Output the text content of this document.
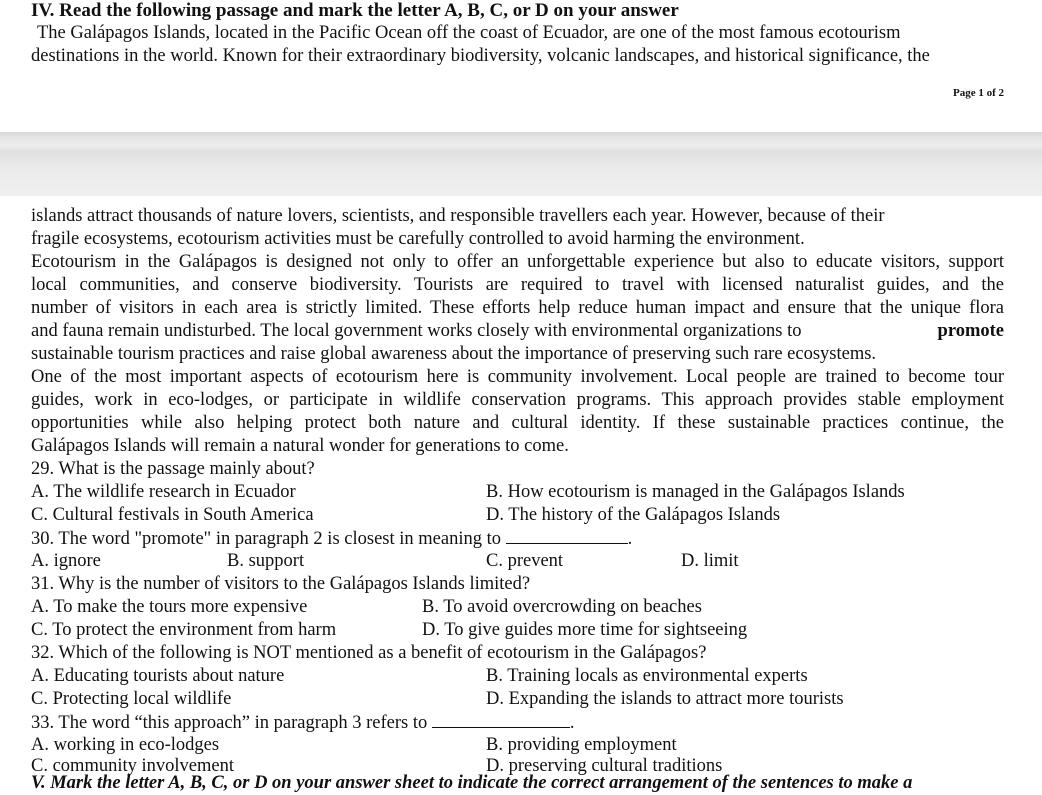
IV. Read the following passage and mark the letter A, B, C, or D on your answer
The Galápagos Islands, located in the Pacific Ocean off the coast of Ecuador, are one of the most famous ecotourism
destinations in the world. Known for their extraordinary biodiversity, volcanic landscapes, and historical significance, the
Page 1 of 2
islands attract thousands of nature lovers, scientists, and responsible travellers each year. However, because of their
fragile ecosystems, ecotourism activities must be carefully controlled to avoid harming the environment.
Ecotourism in the Galápagos is designed not only to offer an unforgettable experience but also to educate visitors, support
local communities, and conserve biodiversity. Tourists are required to travel with licensed naturalist guides, and the
number of visitors in each area is strictly limited. These efforts help reduce human impact and ensure that the unique flora
and fauna remain undisturbed. The local government works closely with environmental organizations to	promote
sustainable tourism practices and raise global awareness about the importance of preserving such rare ecosystems.
One of the most important aspects of ecotourism here is community involvement. Local people are trained to become tour
guides, work in eco-lodges, or participate in wildlife conservation programs. This approach provides stable employment
opportunities while also helping protect both nature and cultural identity. If these sustainable practices continue, the
Galápagos Islands will remain a natural wonder for generations to come.
29. What is the passage mainly about?
A. The wildlife research in Ecuador	B. How ecotourism is managed in the Galápagos Islands
C. Cultural festivals in South America	D. The history of the Galápagos Islands
30. The word "promote" in paragraph 2 is closest in meaning to	.
A. ignore	B. support	C. prevent	D. limit
31. Why is the number of visitors to the Galápagos Islands limited?
A. To make the tours more expensive	B. To avoid overcrowding on beaches
C. To protect the environment from harm	D. To give guides more time for sightseeing
32. Which of the following is NOT mentioned as a benefit of ecotourism in the Galápagos?
A. Educating tourists about nature	B. Training locals as environmental experts
C. Protecting local wildlife	D. Expanding the islands to attract more tourists
33. The word “this approach” in paragraph 3 refers to	.
A. working in eco-lodges	B. providing employment
C. community involvement	D. preserving cultural traditions
V. Mark the letter A, B, C, or D on your answer sheet to indicate the correct arrangement of the sentences to make a
